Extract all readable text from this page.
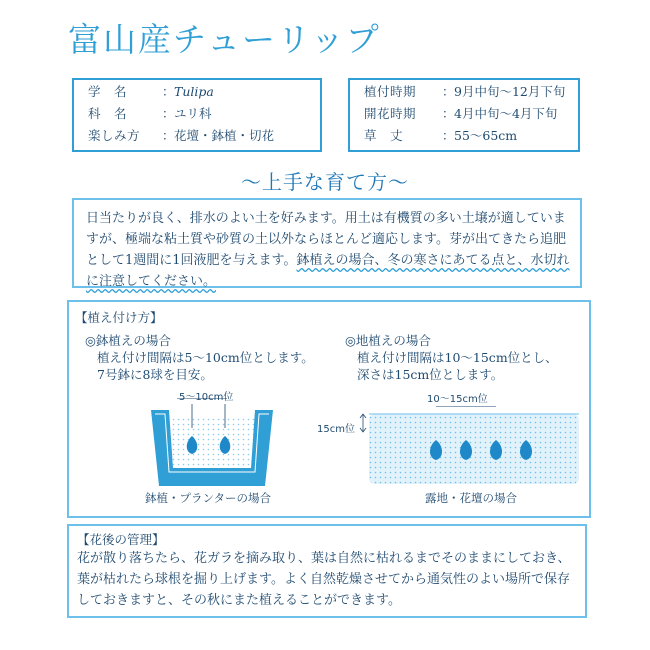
富山産チューリップ
学　名	： Tulipa
科　名	： ユリ科
楽しみ方	： 花壇・鉢植・切花
植付時期	： 9月中旬〜12月下旬
開花時期	： 4月中旬〜4月下旬
草　丈	： 55〜65cm
〜上手な育て方〜
日当たりが良く、排水のよい土を好みます。用土は有機質の多い土壌が適していますが、極端な粘土質や砂質の土以外ならほとんど適応します。芽が出てきたら追肥として1週間に1回液肥を与えます。鉢植えの場合、冬の寒さにあてる点と、水切れに注意してください。
【植え付け方】
◎鉢植えの場合
植え付け間隔は5〜10cm位とします。
7号鉢に8球を目安。
◎地植えの場合
植え付け間隔は10〜15cm位とし、
深さは15cm位とします。
5〜10cm位
鉢植・プランターの場合
10〜15cm位
15cm位
露地・花壇の場合
【花後の管理】
花が散り落ちたら、花ガラを摘み取り、葉は自然に枯れるまでそのままにしておき、葉が枯れたら球根を掘り上げます。よく自然乾燥させてから通気性のよい場所で保存しておきますと、その秋にまた植えることができます。
